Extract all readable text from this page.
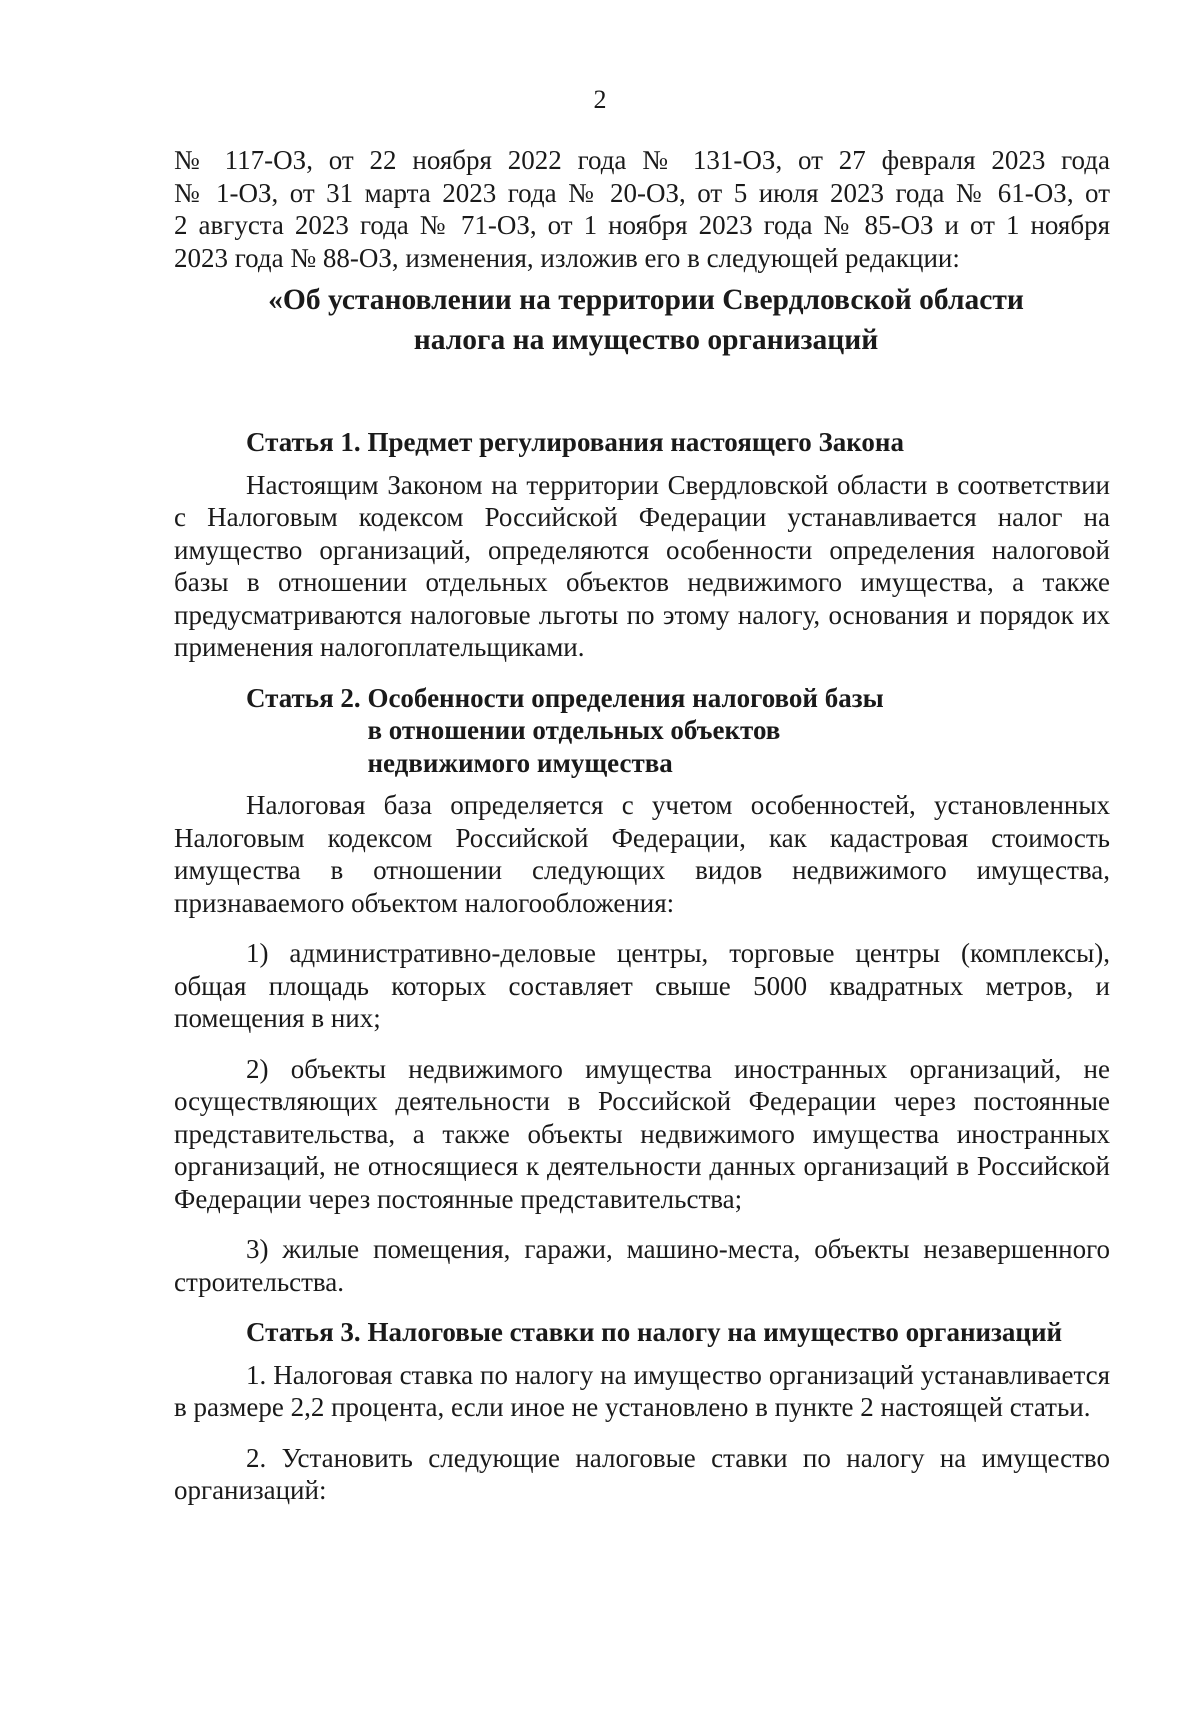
2

№ 117-ОЗ, от 22 ноября 2022 года № 131-ОЗ, от 27 февраля 2023 года

№ 1-ОЗ, от 31 марта 2023 года № 20-ОЗ, от 5 июля 2023 года № 61-ОЗ, от

2 августа 2023 года № 71-ОЗ, от 1 ноября 2023 года № 85-ОЗ и от 1 ноября

2023 года № 88-ОЗ, изменения, изложив его в следующей редакции:

«Об установлении на территории Свердловской области
налога на имущество организаций
Статья 1. Предмет регулирования настоящего Закона

Настоящим Законом на территории Свердловской области в соответствии с Налоговым кодексом Российской Федерации устанавливается налог на имущество организаций, определяются особенности определения налоговой базы в отношении отдельных объектов недвижимого имущества, а также предусматриваются налоговые льготы по этому налогу, основания и порядок их применения налогоплательщиками.

Статья 2. Особенности определения налоговой базы
в отношении отдельных объектов
недвижимого имущества

Налоговая база определяется с учетом особенностей, установленных Налоговым кодексом Российской Федерации, как кадастровая стоимость имущества в отношении следующих видов недвижимого имущества, признаваемого объектом налогообложения:

1) административно-деловые центры, торговые центры (комплексы), общая площадь которых составляет свыше 5000 квадратных метров, и помещения в них;

2) объекты недвижимого имущества иностранных организаций, не осуществляющих деятельности в Российской Федерации через постоянные представительства, а также объекты недвижимого имущества иностранных организаций, не относящиеся к деятельности данных организаций в Российской Федерации через постоянные представительства;

3) жилые помещения, гаражи, машино-места, объекты незавершенного строительства.

Статья 3. Налоговые ставки по налогу на имущество организаций

1. Налоговая ставка по налогу на имущество организаций устанавливается в размере 2,2 процента, если иное не установлено в пункте 2 настоящей статьи.

2. Установить следующие налоговые ставки по налогу на имущество организаций:
